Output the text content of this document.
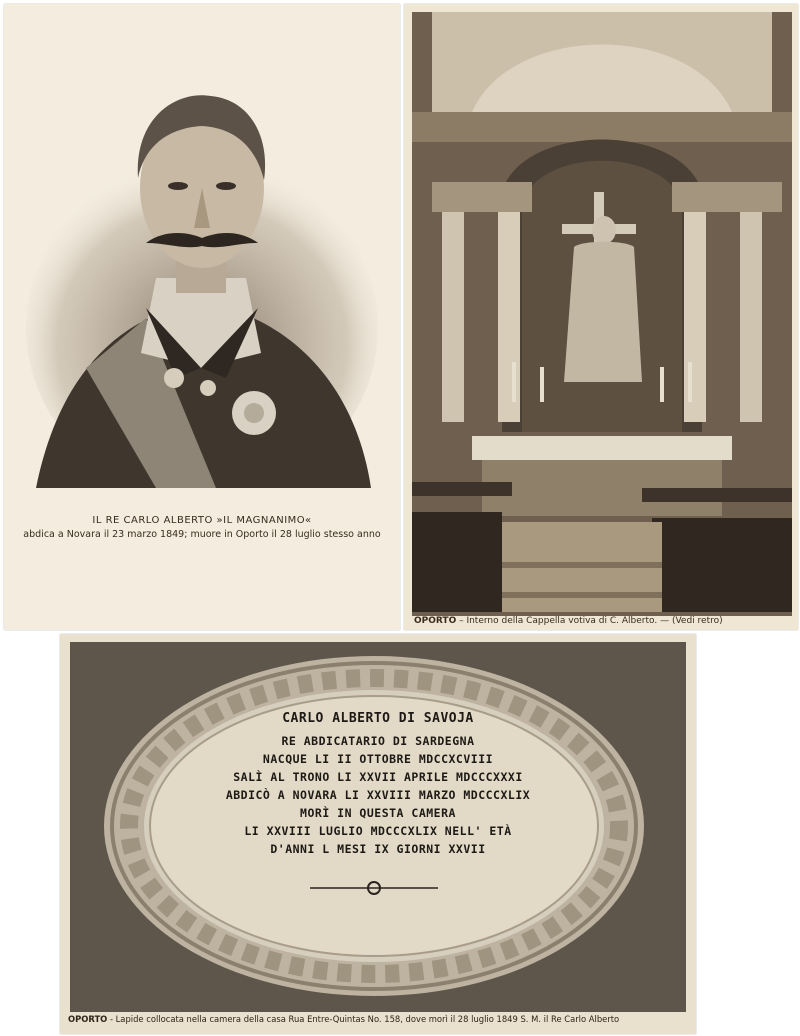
IL RE CARLO ALBERTO »IL MAGNANIMO«
abdica a Novara il 23 marzo 1849; muore in Oporto il 28 luglio stesso anno
OPORTO – Interno della Cappella votiva di C. Alberto. — (Vedi retro)
CARLO ALBERTO DI SAVOJA
RE ABDICATARIO DI SARDEGNA
NACQUE LI II OTTOBRE MDCCXCVIII
SALÌ AL TRONO LI XXVII APRILE MDCCCXXXI
ABDICÒ A NOVARA LI XXVIII MARZO MDCCCXLIX
MORÌ IN QUESTA CAMERA
LI XXVIII LUGLIO MDCCCXLIX NELL' ETÀ
D'ANNI L MESI IX GIORNI XXVII
OPORTO - Lapide collocata nella camera della casa Rua Entre-Quintas No. 158, dove morì il 28 luglio 1849 S. M. il Re Carlo Alberto
